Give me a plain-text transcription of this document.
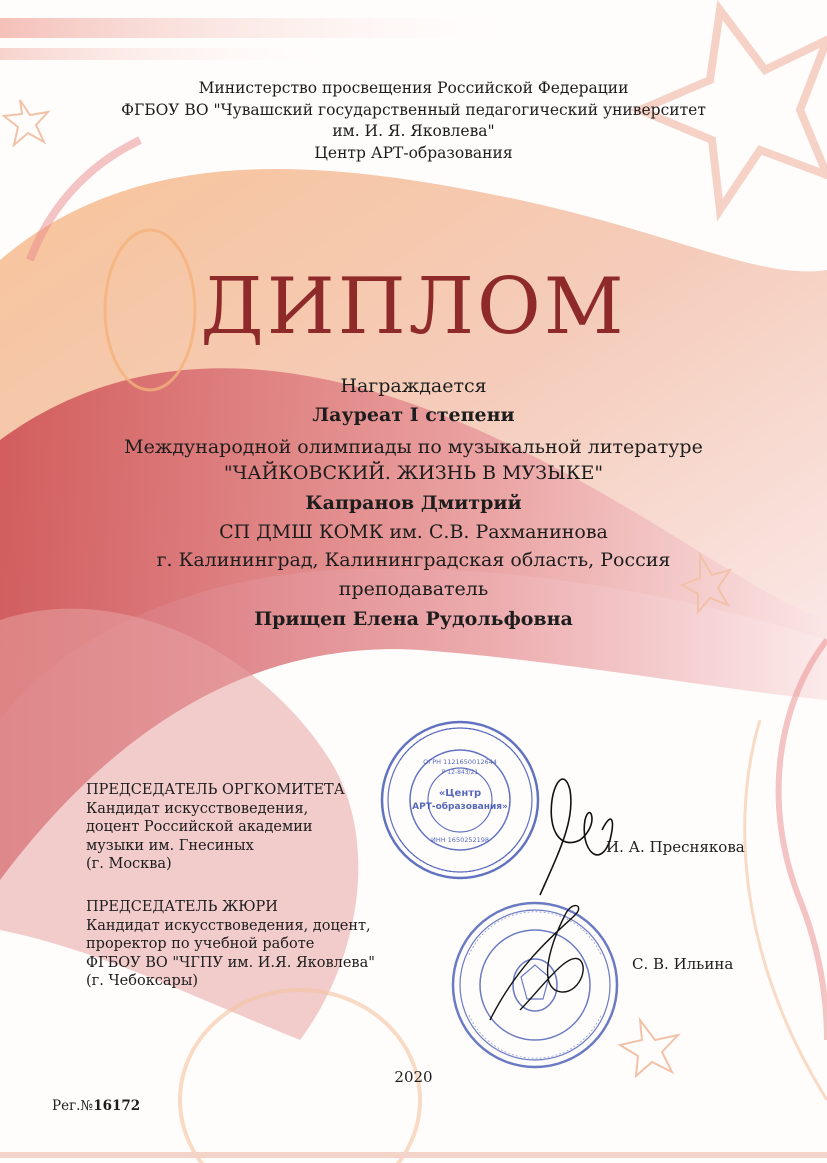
«Центр
АРТ-образования»
ОГРН 1121650012644
Р 12-843/21
ИНН 1650252198
Министерство просвещения Российской Федерации
ФГБОУ ВО "Чувашский государственный педагогический университет
им. И. Я. Яковлева"
Центр АРТ-образования
ДИПЛОМ
Награждается
Лауреат I степени
Международной олимпиады по музыкальной литературе
"ЧАЙКОВСКИЙ. ЖИЗНЬ В МУЗЫКЕ"
Капранов Дмитрий
СП ДМШ КОМК им. С.В. Рахманинова
г. Калининград, Калининградская область, Россия
преподаватель
Прищеп Елена Рудольфовна
ПРЕДСЕДАТЕЛЬ ОРГКОМИТЕТА
Кандидат искусствоведения,
доцент Российской академии
музыки им. Гнесиных
(г. Москва)
И. А. Преснякова
ПРЕДСЕДАТЕЛЬ ЖЮРИ
Кандидат искусствоведения, доцент,
проректор по учебной работе
ФГБОУ ВО "ЧГПУ им. И.Я. Яковлева"
(г. Чебоксары)
С. В. Ильина
2020
Рег.№16172
